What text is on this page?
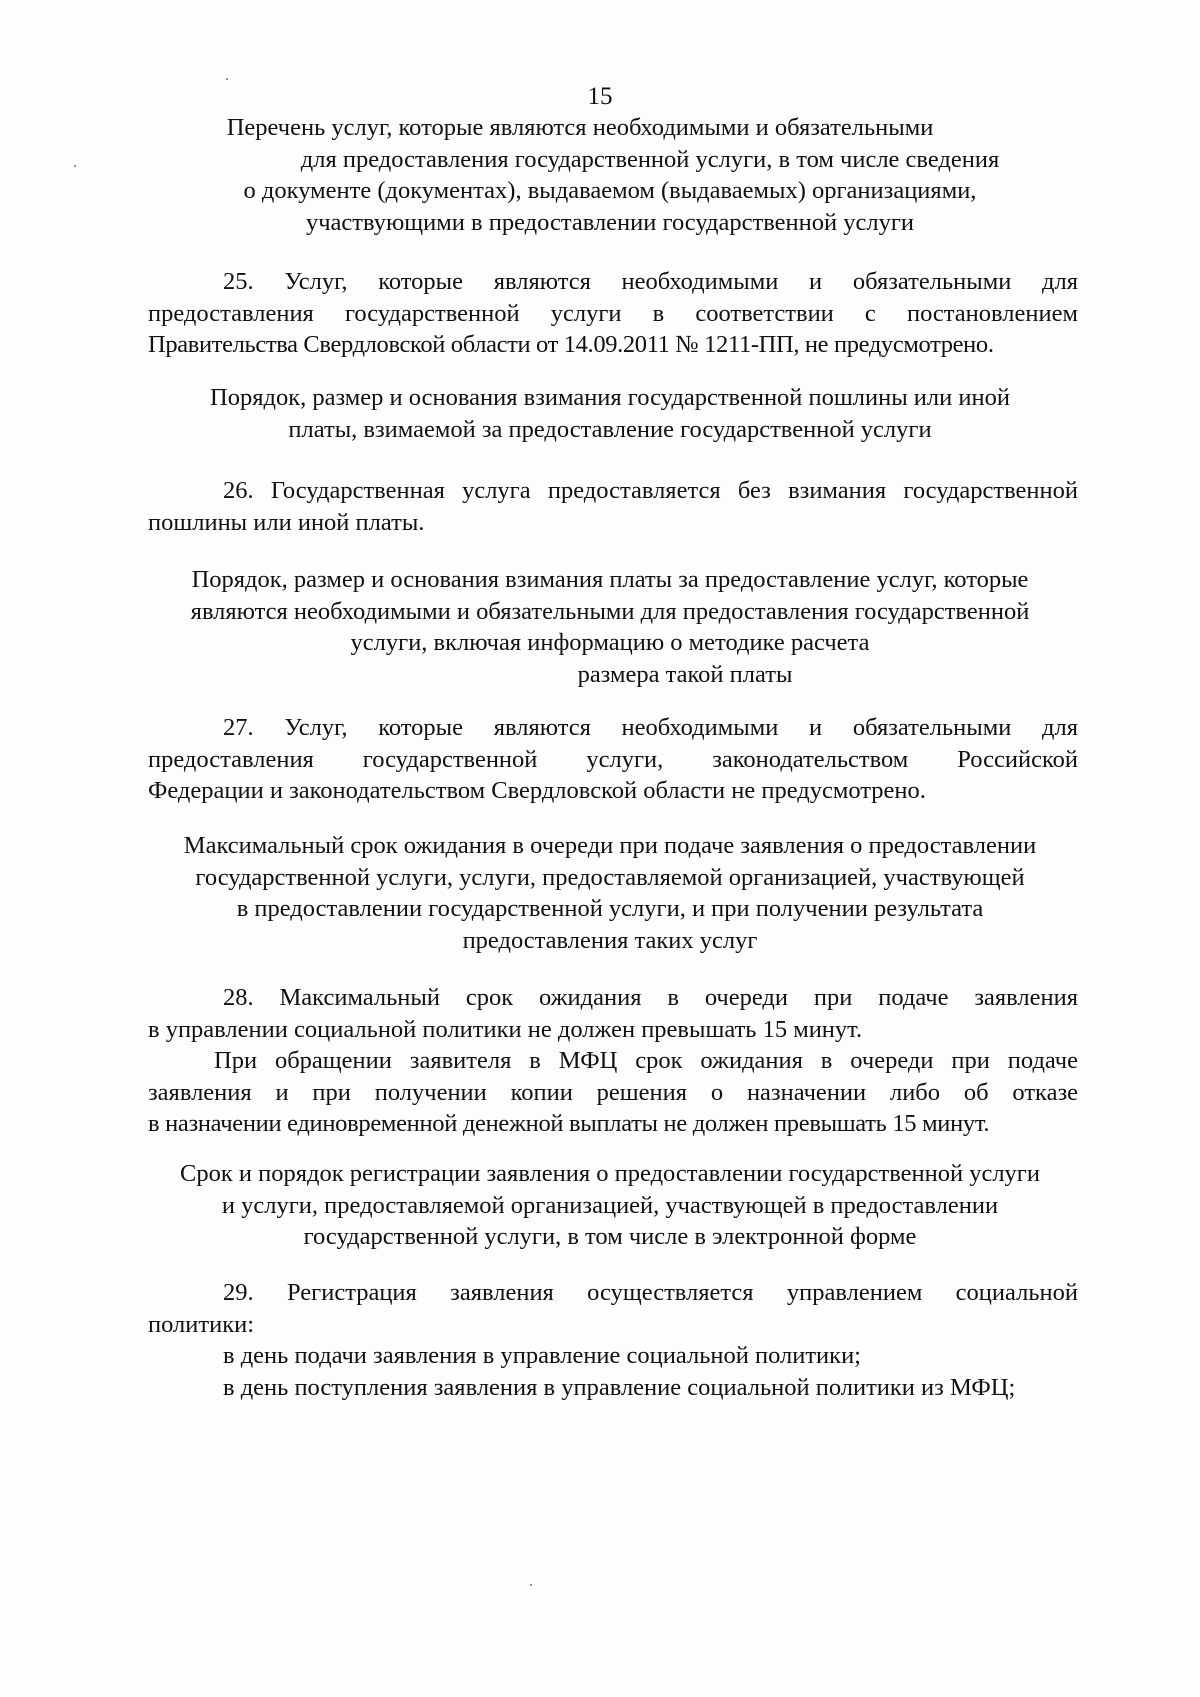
15
Перечень услуг, которые являются необходимыми и обязательными
для предоставления государственной услуги, в том числе сведения
о документе (документах), выдаваемом (выдаваемых) организациями,
участвующими в предоставлении государственной услуги
25. Услуг, которые являются необходимыми и обязательными для
предоставления государственной услуги в соответствии с постановлением
Правительства Свердловской области от 14.09.2011 № 1211-ПП, не предусмотрено.
Порядок, размер и основания взимания государственной пошлины или иной
платы, взимаемой за предоставление государственной услуги
26. Государственная услуга предоставляется без взимания государственной
пошлины или иной платы.
Порядок, размер и основания взимания платы за предоставление услуг, которые
являются необходимыми и обязательными для предоставления государственной
услуги, включая информацию о методике расчета
размера такой платы
27. Услуг, которые являются необходимыми и обязательными для
предоставления государственной услуги, законодательством Российской
Федерации и законодательством Свердловской области не предусмотрено.
Максимальный срок ожидания в очереди при подаче заявления о предоставлении
государственной услуги, услуги, предоставляемой организацией, участвующей
в предоставлении государственной услуги, и при получении результата
предоставления таких услуг
28. Максимальный срок ожидания в очереди при подаче заявления
в управлении социальной политики не должен превышать 15 минут.
При обращении заявителя в МФЦ срок ожидания в очереди при подаче
заявления и при получении копии решения о назначении либо об отказе
в назначении единовременной денежной выплаты не должен превышать 15 минут.
Срок и порядок регистрации заявления о предоставлении государственной услуги
и услуги, предоставляемой организацией, участвующей в предоставлении
государственной услуги, в том числе в электронной форме
29. Регистрация заявления осуществляется управлением социальной
политики:
в день подачи заявления в управление социальной политики;
в день поступления заявления в управление социальной политики из МФЦ;
